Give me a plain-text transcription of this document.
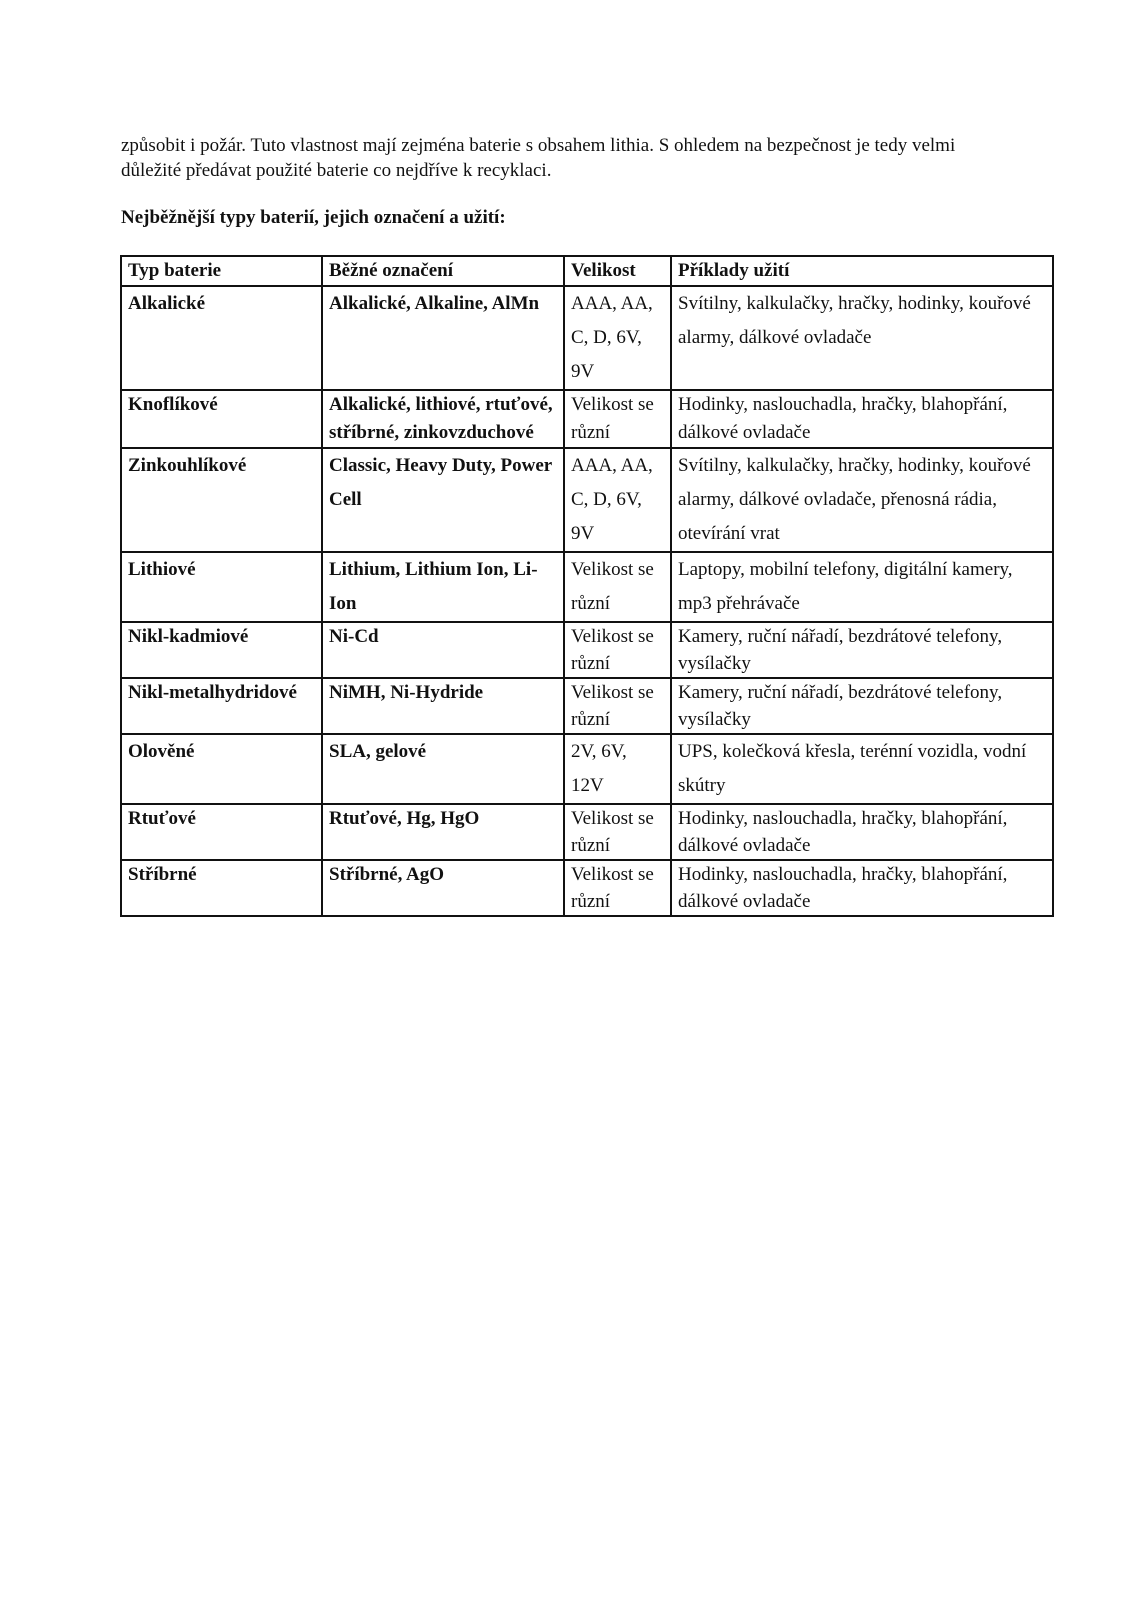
způsobit i požár. Tuto vlastnost mají zejména baterie s obsahem lithia. S ohledem na bezpečnost je tedy velmi

důležité předávat použité baterie co nejdříve k recyklaci.

Nejběžnější typy baterií, jejich označení a užití:
Typ baterie	Běžné označení	Velikost	Příklady užití
Alkalické	Alkalické, Alkaline, AlMn	AAA, AA, C, D, 6V, 9V	Svítilny, kalkulačky, hračky, hodinky, kouřové alarmy, dálkové ovladače
Knoflíkové	Alkalické, lithiové, rtuťové, stříbrné, zinkovzduchové	Velikost se různí	Hodinky, naslouchadla, hračky, blahopřání, dálkové ovladače
Zinkouhlíkové	Classic, Heavy Duty, Power Cell	AAA, AA, C, D, 6V, 9V	Svítilny, kalkulačky, hračky, hodinky, kouřové alarmy, dálkové ovladače, přenosná rádia, otevírání vrat
Lithiové	Lithium, Lithium Ion, Li-Ion	Velikost se různí	Laptopy, mobilní telefony, digitální kamery, mp3 přehrávače
Nikl-kadmiové	Ni-Cd	Velikost se různí	Kamery, ruční nářadí, bezdrátové telefony, vysílačky
Nikl-metalhydridové	NiMH, Ni-Hydride	Velikost se různí	Kamery, ruční nářadí, bezdrátové telefony, vysílačky
Olověné	SLA, gelové	2V, 6V, 12V	UPS, kolečková křesla, terénní vozidla, vodní skútry
Rtuťové	Rtuťové, Hg, HgO	Velikost se různí	Hodinky, naslouchadla, hračky, blahopřání, dálkové ovladače
Stříbrné	Stříbrné, AgO	Velikost se různí	Hodinky, naslouchadla, hračky, blahopřání, dálkové ovladače
